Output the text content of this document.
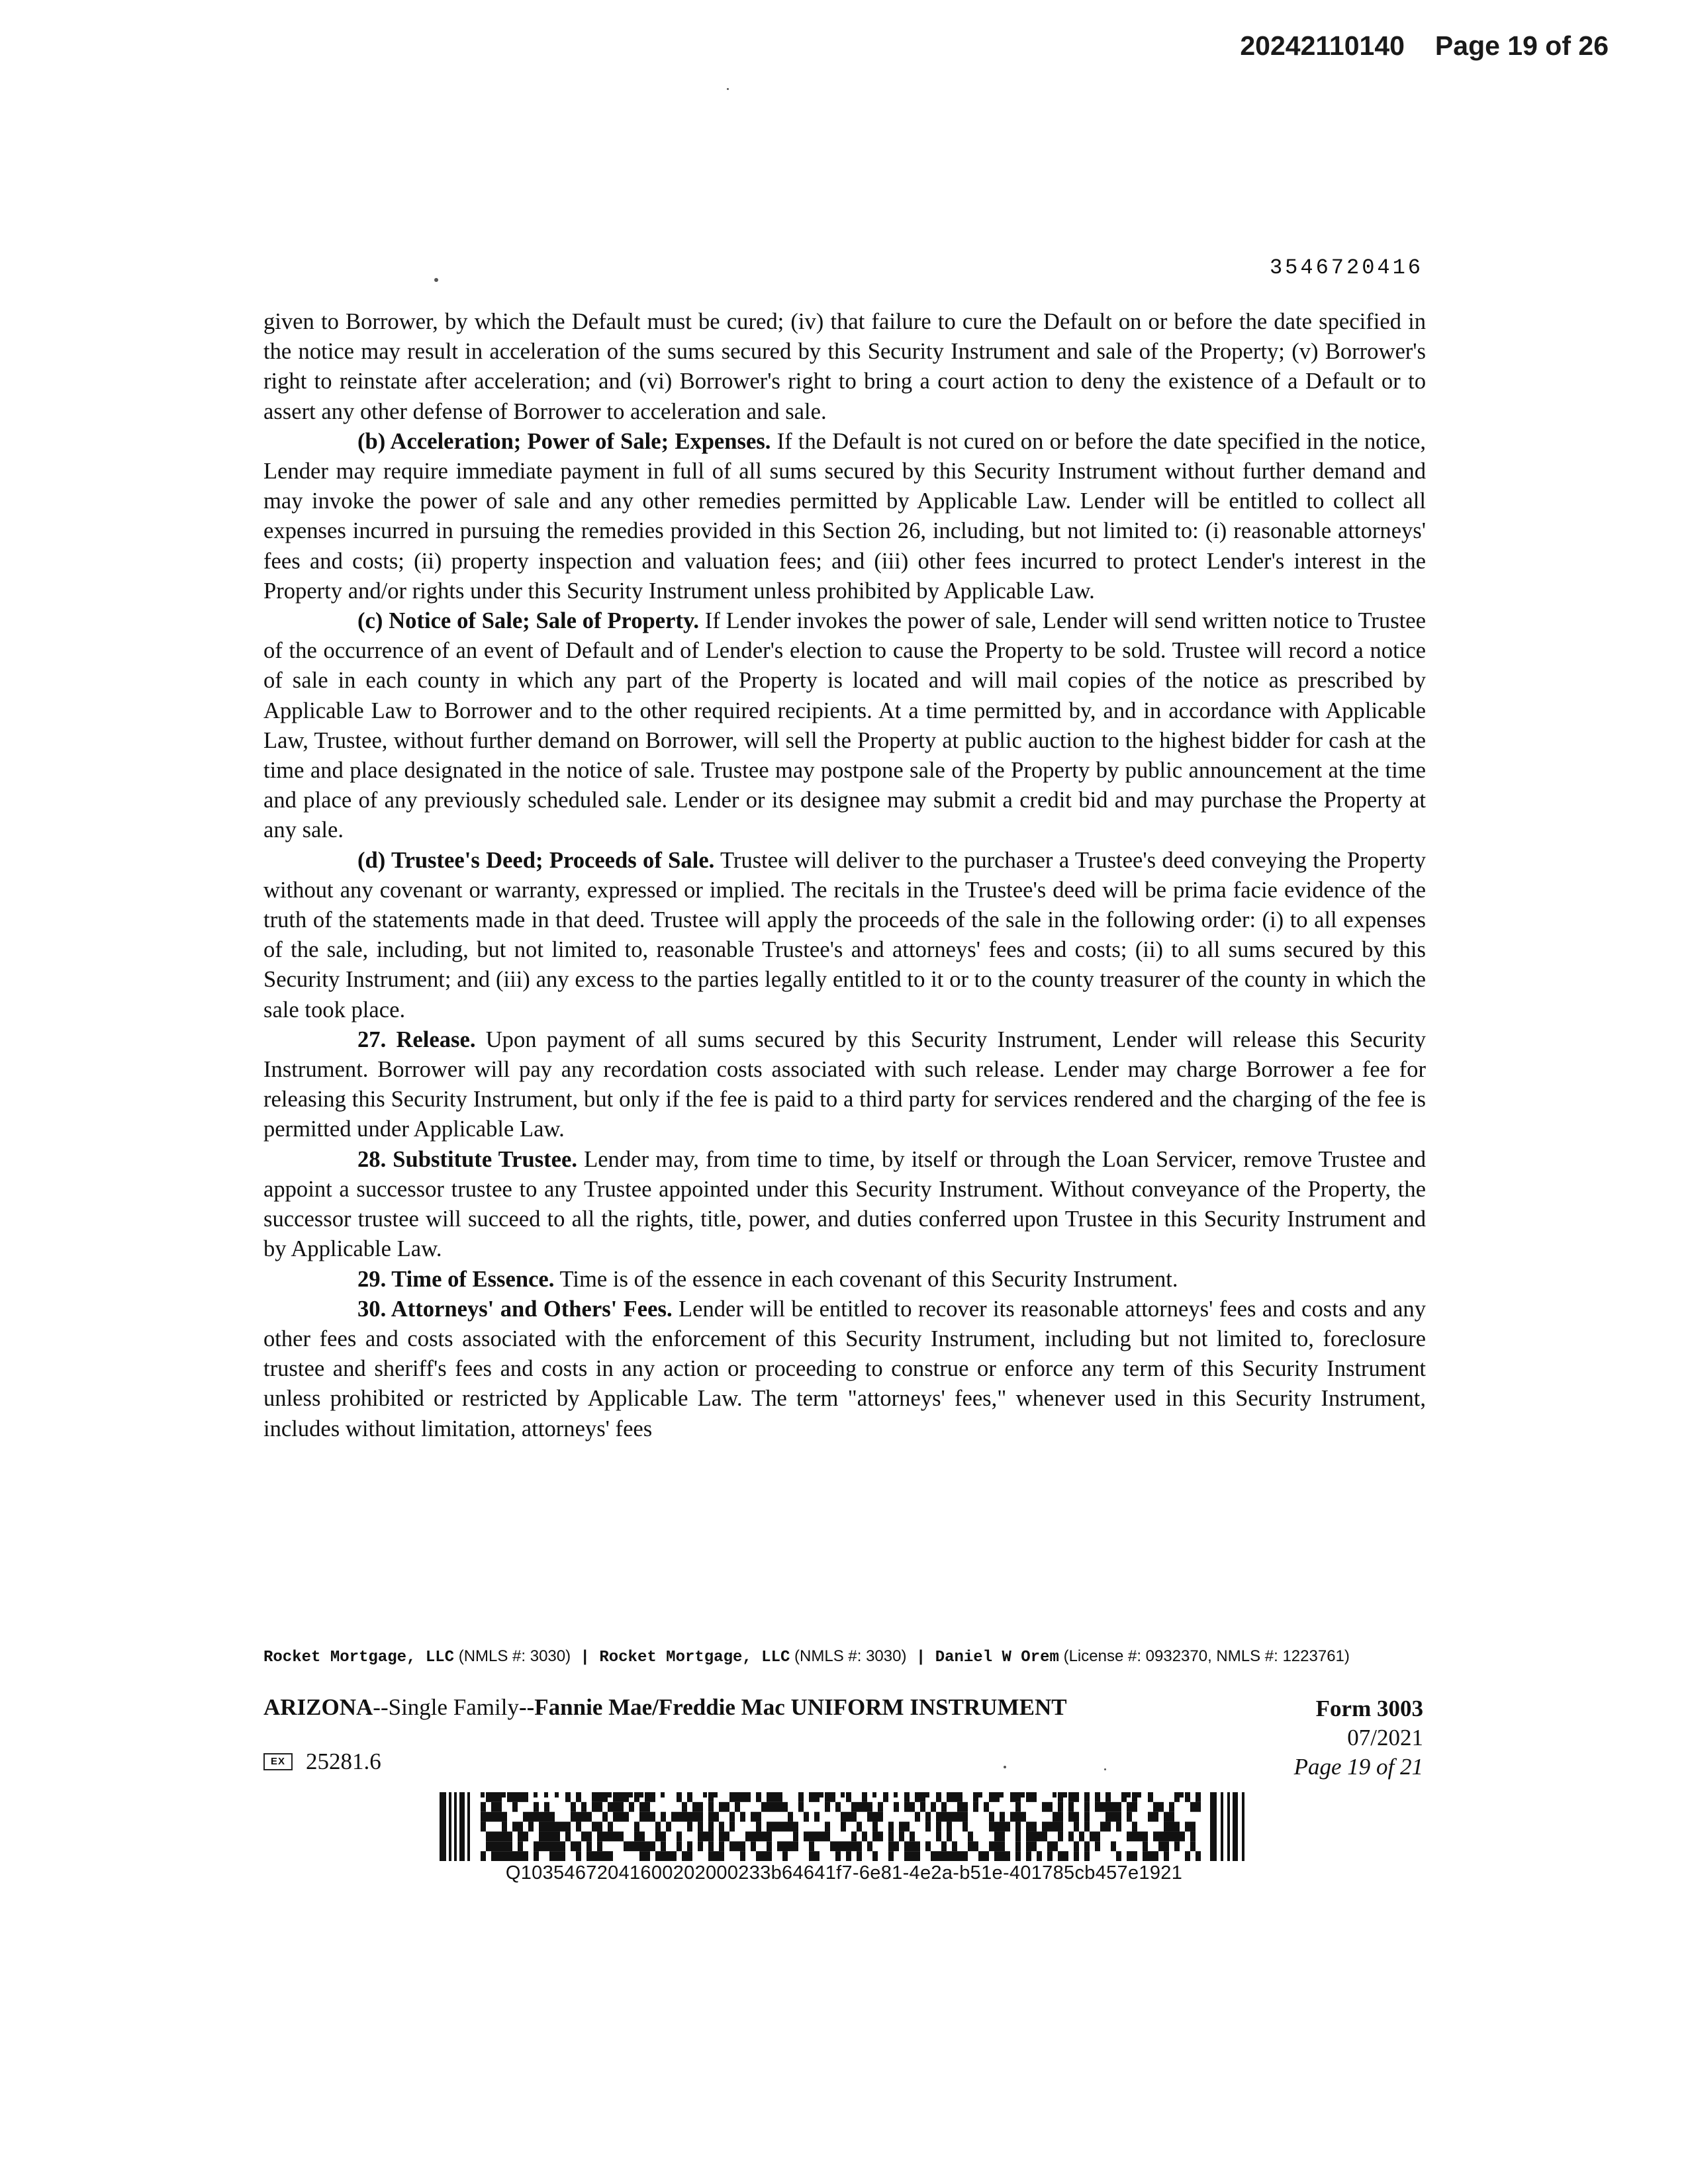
20242110140 Page 19 of 26
3546720416

given to Borrower, by which the Default must be cured; (iv) that failure to cure the Default on or before the date specified in the notice may result in acceleration of the sums secured by this Security Instrument and sale of the Property; (v) Borrower's right to reinstate after acceleration; and (vi) Borrower's right to bring a court action to deny the existence of a Default or to assert any other defense of Borrower to acceleration and sale.

(b) Acceleration; Power of Sale; Expenses. If the Default is not cured on or before the date specified in the notice, Lender may require immediate payment in full of all sums secured by this Security Instrument without further demand and may invoke the power of sale and any other remedies permitted by Applicable Law. Lender will be entitled to collect all expenses incurred in pursuing the remedies provided in this Section 26, including, but not limited to: (i) reasonable attorneys' fees and costs; (ii) property inspection and valuation fees; and (iii) other fees incurred to protect Lender's interest in the Property and/or rights under this Security Instrument unless prohibited by Applicable Law.

(c) Notice of Sale; Sale of Property. If Lender invokes the power of sale, Lender will send written notice to Trustee of the occurrence of an event of Default and of Lender's election to cause the Property to be sold. Trustee will record a notice of sale in each county in which any part of the Property is located and will mail copies of the notice as prescribed by Applicable Law to Borrower and to the other required recipients. At a time permitted by, and in accordance with Applicable Law, Trustee, without further demand on Borrower, will sell the Property at public auction to the highest bidder for cash at the time and place designated in the notice of sale. Trustee may postpone sale of the Property by public announcement at the time and place of any previously scheduled sale. Lender or its designee may submit a credit bid and may purchase the Property at any sale.

(d) Trustee's Deed; Proceeds of Sale. Trustee will deliver to the purchaser a Trustee's deed conveying the Property without any covenant or warranty, expressed or implied. The recitals in the Trustee's deed will be prima facie evidence of the truth of the statements made in that deed. Trustee will apply the proceeds of the sale in the following order: (i) to all expenses of the sale, including, but not limited to, reasonable Trustee's and attorneys' fees and costs; (ii) to all sums secured by this Security Instrument; and (iii) any excess to the parties legally entitled to it or to the county treasurer of the county in which the sale took place.

27. Release. Upon payment of all sums secured by this Security Instrument, Lender will release this Security Instrument. Borrower will pay any recordation costs associated with such release. Lender may charge Borrower a fee for releasing this Security Instrument, but only if the fee is paid to a third party for services rendered and the charging of the fee is permitted under Applicable Law.

28. Substitute Trustee. Lender may, from time to time, by itself or through the Loan Servicer, remove Trustee and appoint a successor trustee to any Trustee appointed under this Security Instrument. Without conveyance of the Property, the successor trustee will succeed to all the rights, title, power, and duties conferred upon Trustee in this Security Instrument and by Applicable Law.

29. Time of Essence. Time is of the essence in each covenant of this Security Instrument.

30. Attorneys' and Others' Fees. Lender will be entitled to recover its reasonable attorneys' fees and costs and any other fees and costs associated with the enforcement of this Security Instrument, including but not limited to, foreclosure trustee and sheriff's fees and costs in any action or proceeding to construe or enforce any term of this Security Instrument unless prohibited or restricted by Applicable Law. The term "attorneys' fees," whenever used in this Security Instrument, includes without limitation, attorneys' fees

Rocket Mortgage, LLC (NMLS #: 3030) | Rocket Mortgage, LLC (NMLS #: 3030) | Daniel W Orem (License #: 0932370, NMLS #: 1223761)
ARIZONA--Single Family--Fannie Mae/Freddie Mac UNIFORM INSTRUMENT	Form 3003
07/2021
Page 19 of 21
EX 25281.6
Q10354672041600202000233b64641f7-6e81-4e2a-b51e-401785cb457e1921
